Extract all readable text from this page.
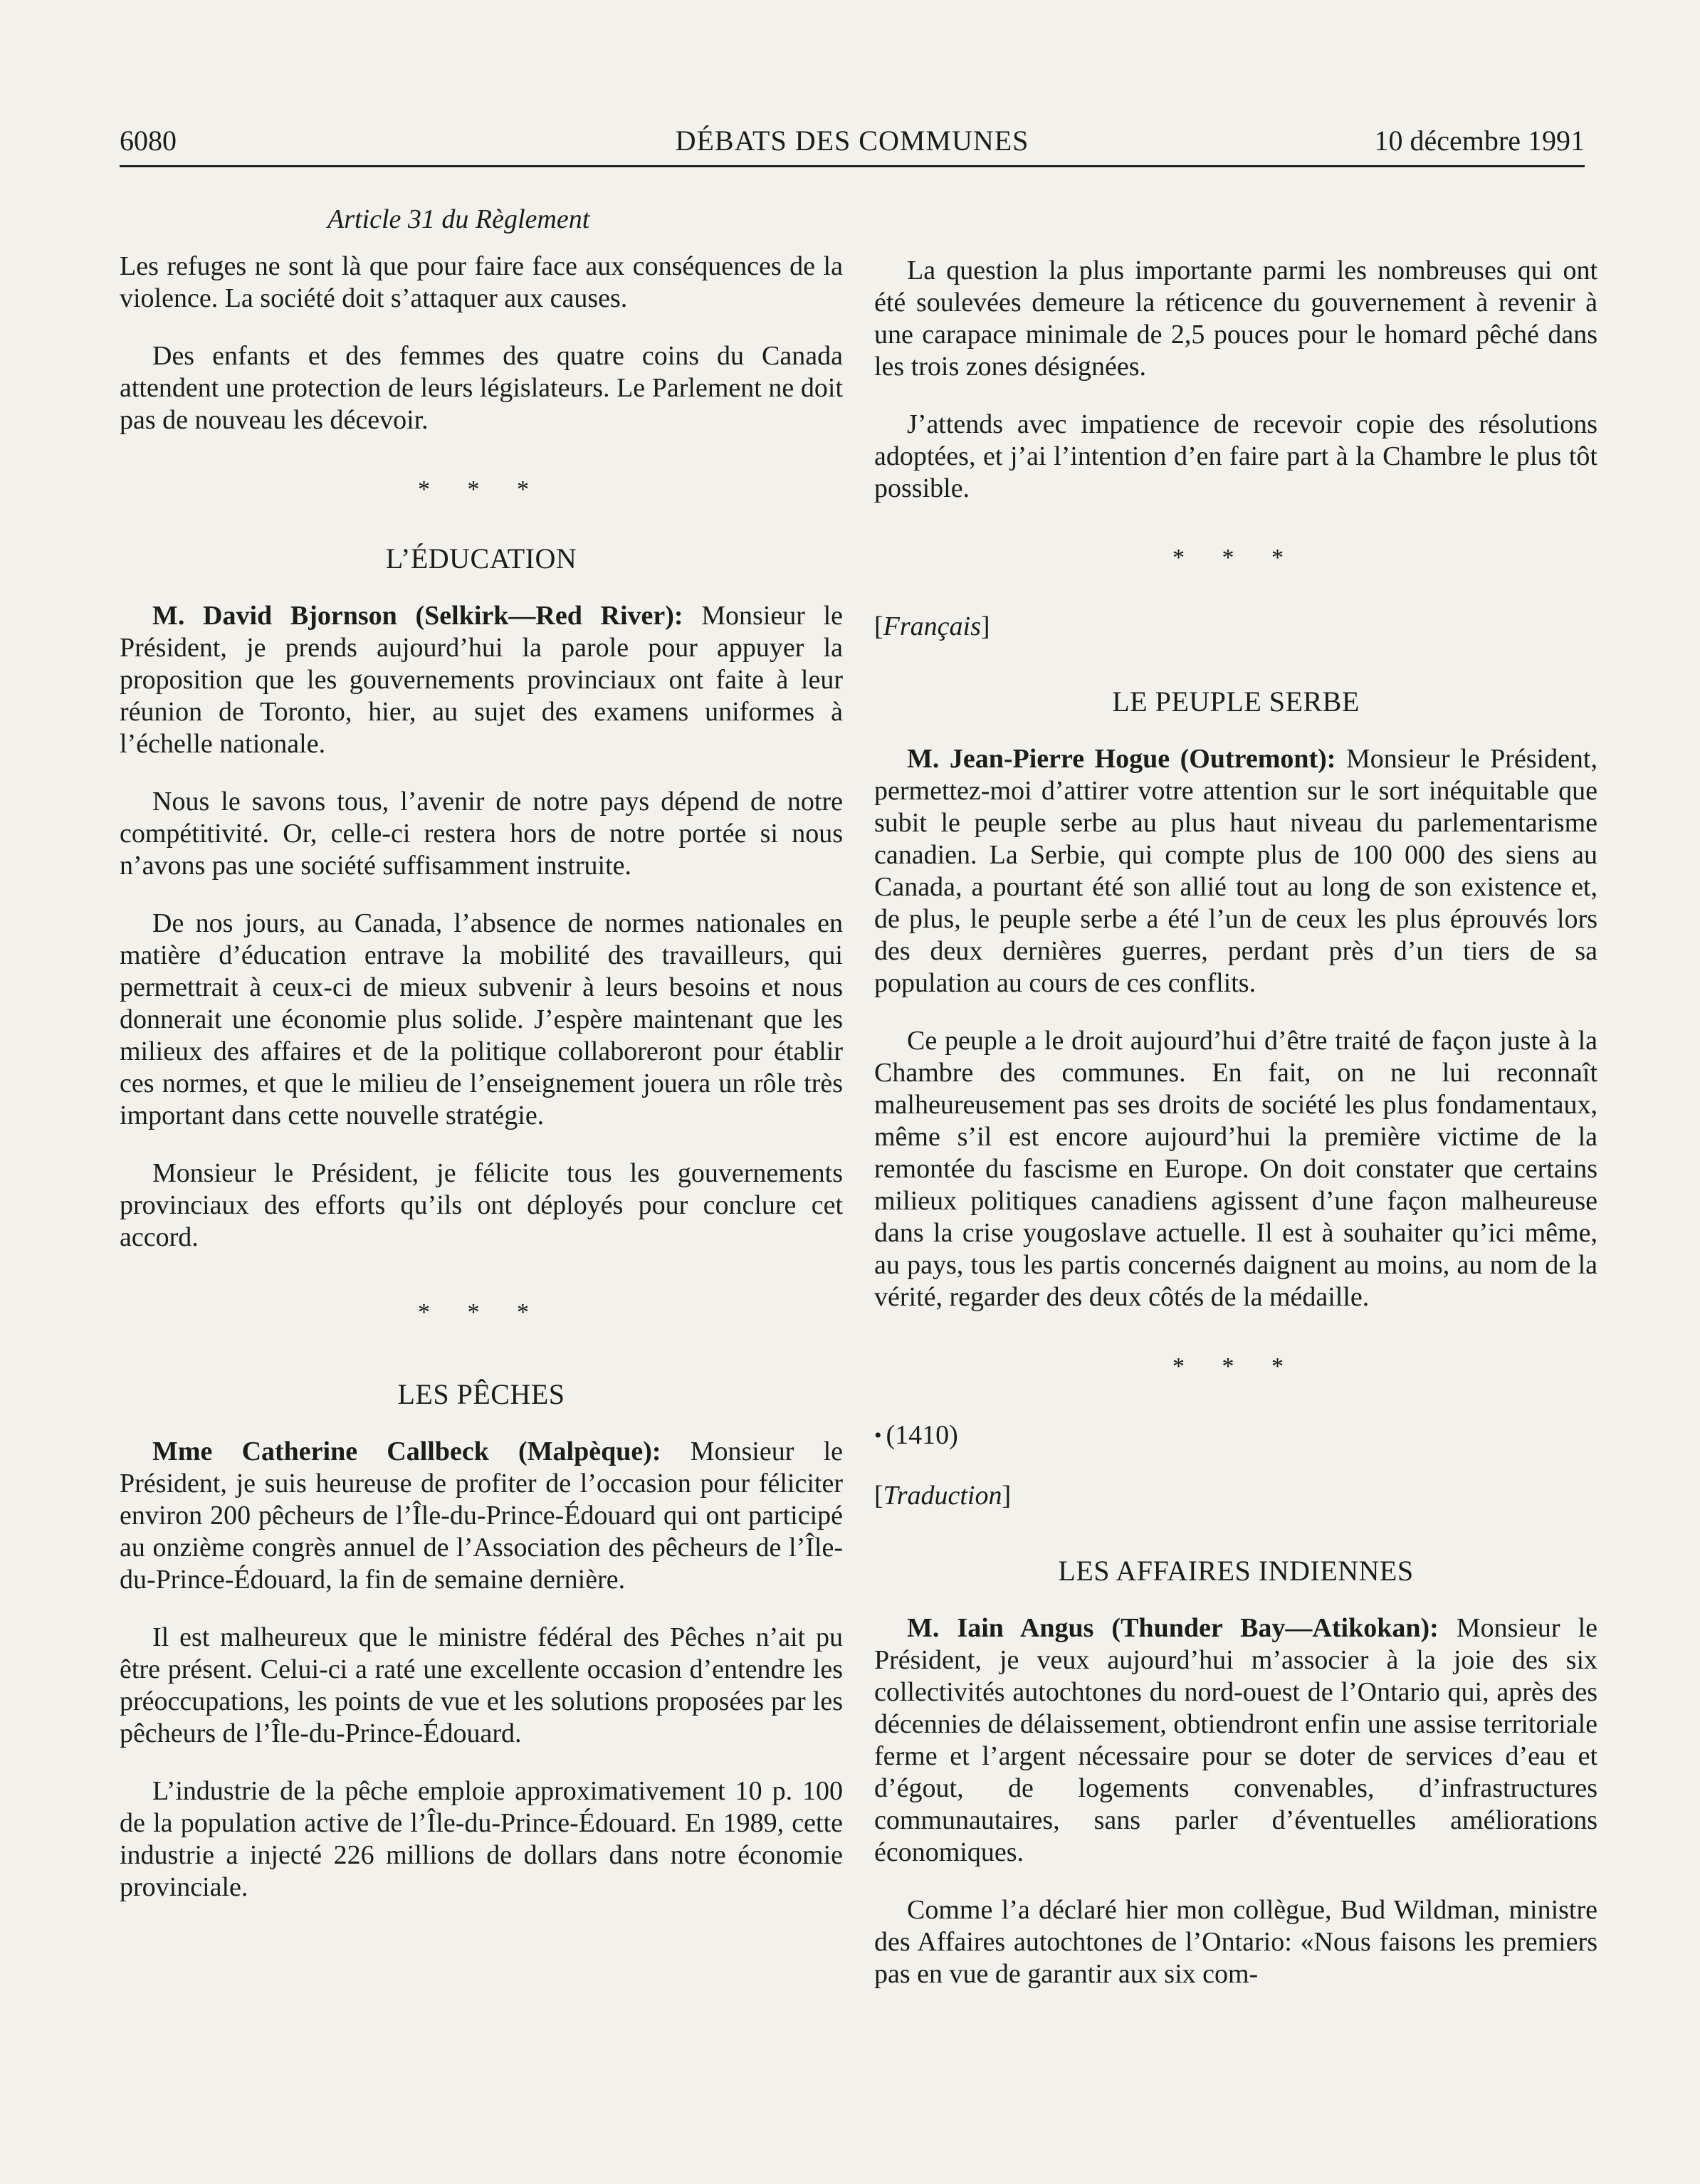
6080	DÉBATS DES COMMUNES	10 décembre 1991
Article 31 du Règlement

Les refuges ne sont là que pour faire face aux conséquences de la violence. La société doit s’attaquer aux causes.

Des enfants et des femmes des quatre coins du Canada attendent une protection de leurs législateurs. Le Parlement ne doit pas de nouveau les décevoir.

* * *
L’ÉDUCATION

M. David Bjornson (Selkirk—Red River): Monsieur le Président, je prends aujourd’hui la parole pour appuyer la proposition que les gouvernements provinciaux ont faite à leur réunion de Toronto, hier, au sujet des examens uniformes à l’échelle nationale.

Nous le savons tous, l’avenir de notre pays dépend de notre compétitivité. Or, celle-ci restera hors de notre portée si nous n’avons pas une société suffisamment instruite.

De nos jours, au Canada, l’absence de normes nationales en matière d’éducation entrave la mobilité des travailleurs, qui permettrait à ceux-ci de mieux subvenir à leurs besoins et nous donnerait une économie plus solide. J’espère maintenant que les milieux des affaires et de la politique collaboreront pour établir ces normes, et que le milieu de l’enseignement jouera un rôle très important dans cette nouvelle stratégie.

Monsieur le Président, je félicite tous les gouvernements provinciaux des efforts qu’ils ont déployés pour conclure cet accord.

* * *
LES PÊCHES

Mme Catherine Callbeck (Malpèque): Monsieur le Président, je suis heureuse de profiter de l’occasion pour féliciter environ 200 pêcheurs de l’Île-du-Prince-Édouard qui ont participé au onzième congrès annuel de l’Association des pêcheurs de l’Île-du-Prince-Édouard, la fin de semaine dernière.

Il est malheureux que le ministre fédéral des Pêches n’ait pu être présent. Celui-ci a raté une excellente occasion d’entendre les préoccupations, les points de vue et les solutions proposées par les pêcheurs de l’Île-du-Prince-Édouard.

L’industrie de la pêche emploie approximativement 10 p. 100 de la population active de l’Île-du-Prince-Édouard. En 1989, cette industrie a injecté 226 millions de dollars dans notre économie provinciale.

La question la plus importante parmi les nombreuses qui ont été soulevées demeure la réticence du gouvernement à revenir à une carapace minimale de 2,5 pouces pour le homard pêché dans les trois zones désignées.

J’attends avec impatience de recevoir copie des résolutions adoptées, et j’ai l’intention d’en faire part à la Chambre le plus tôt possible.

* * *
[Français]
LE PEUPLE SERBE

M. Jean-Pierre Hogue (Outremont): Monsieur le Président, permettez-moi d’attirer votre attention sur le sort inéquitable que subit le peuple serbe au plus haut niveau du parlementarisme canadien. La Serbie, qui compte plus de 100 000 des siens au Canada, a pourtant été son allié tout au long de son existence et, de plus, le peuple serbe a été l’un de ceux les plus éprouvés lors des deux dernières guerres, perdant près d’un tiers de sa population au cours de ces conflits.

Ce peuple a le droit aujourd’hui d’être traité de façon juste à la Chambre des communes. En fait, on ne lui reconnaît malheureusement pas ses droits de société les plus fondamentaux, même s’il est encore aujourd’hui la première victime de la remontée du fascisme en Europe. On doit constater que certains milieux politiques canadiens agissent d’une façon malheureuse dans la crise yougoslave actuelle. Il est à souhaiter qu’ici même, au pays, tous les partis concernés daignent au moins, au nom de la vérité, regarder des deux côtés de la médaille.

* * *
• (1410)
[Traduction]
LES AFFAIRES INDIENNES

M. Iain Angus (Thunder Bay—Atikokan): Monsieur le Président, je veux aujourd’hui m’associer à la joie des six collectivités autochtones du nord-ouest de l’Ontario qui, après des décennies de délaissement, obtiendront enfin une assise territoriale ferme et l’argent nécessaire pour se doter de services d’eau et d’égout, de logements convenables, d’infrastructures communautaires, sans parler d’éventuelles améliorations économiques.

Comme l’a déclaré hier mon collègue, Bud Wildman, ministre des Affaires autochtones de l’Ontario: «Nous faisons les premiers pas en vue de garantir aux six com-
